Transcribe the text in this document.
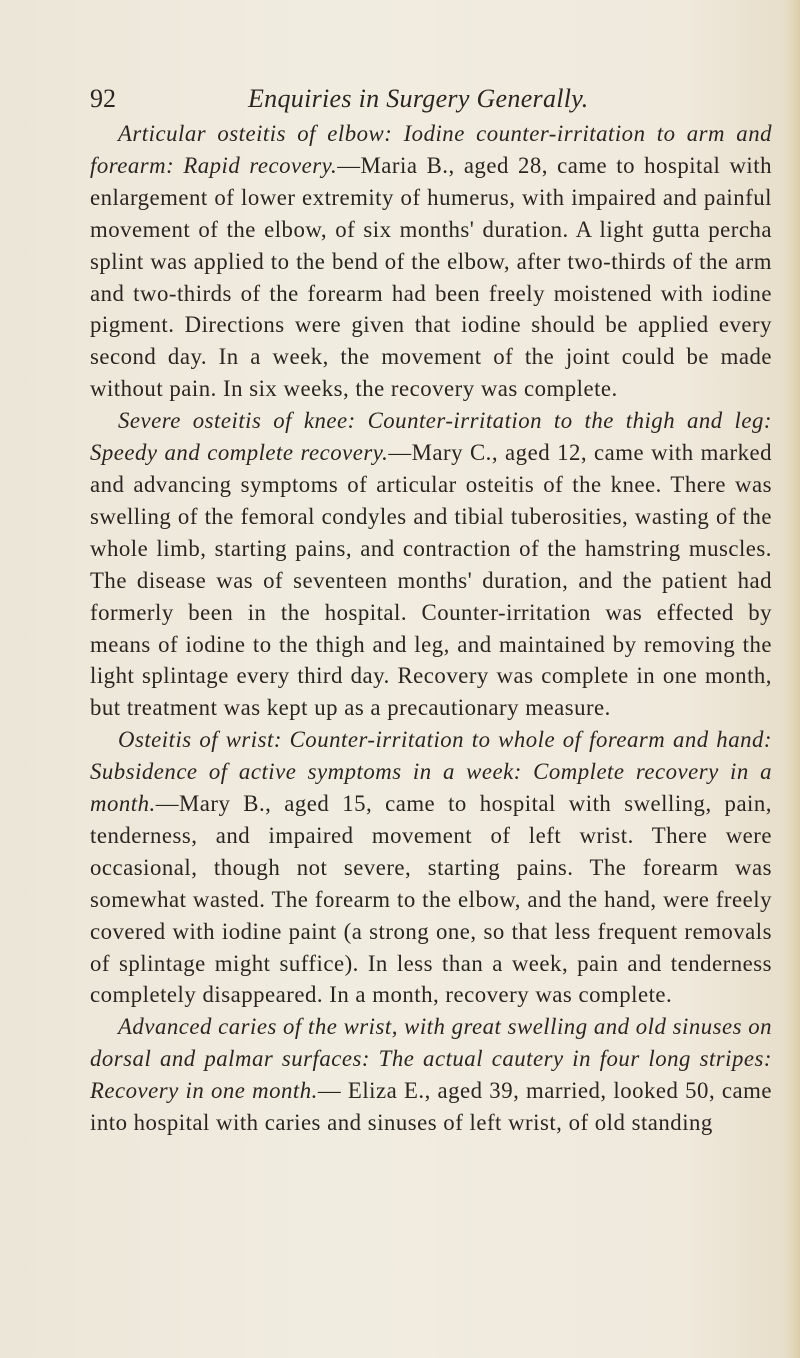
92	Enquiries in Surgery Generally.

Articular osteitis of elbow: Iodine counter-irritation to arm and forearm: Rapid recovery.—Maria B., aged 28, came to hospital with enlargement of lower extremity of humerus, with impaired and painful movement of the elbow, of six months' duration. A light gutta percha splint was applied to the bend of the elbow, after two-thirds of the arm and two-thirds of the forearm had been freely moistened with iodine pigment. Directions were given that iodine should be applied every second day. In a week, the movement of the joint could be made without pain. In six weeks, the recovery was complete.

Severe osteitis of knee: Counter-irritation to the thigh and leg: Speedy and complete recovery.—Mary C., aged 12, came with marked and advancing symptoms of articular osteitis of the knee. There was swelling of the femoral condyles and tibial tuberosities, wasting of the whole limb, starting pains, and contraction of the hamstring muscles. The disease was of seventeen months' duration, and the patient had formerly been in the hospital. Counter-irritation was effected by means of iodine to the thigh and leg, and maintained by removing the light splintage every third day. Recovery was complete in one month, but treatment was kept up as a precautionary measure.

Osteitis of wrist: Counter-irritation to whole of forearm and hand: Subsidence of active symptoms in a week: Complete recovery in a month.—Mary B., aged 15, came to hospital with swelling, pain, tenderness, and impaired movement of left wrist. There were occasional, though not severe, starting pains. The forearm was somewhat wasted. The forearm to the elbow, and the hand, were freely covered with iodine paint (a strong one, so that less frequent removals of splintage might suffice). In less than a week, pain and tenderness completely disappeared. In a month, recovery was complete.

Advanced caries of the wrist, with great swelling and old sinuses on dorsal and palmar surfaces: The actual cautery in four long stripes: Recovery in one month.— Eliza E., aged 39, married, looked 50, came into hospital with caries and sinuses of left wrist, of old standing
